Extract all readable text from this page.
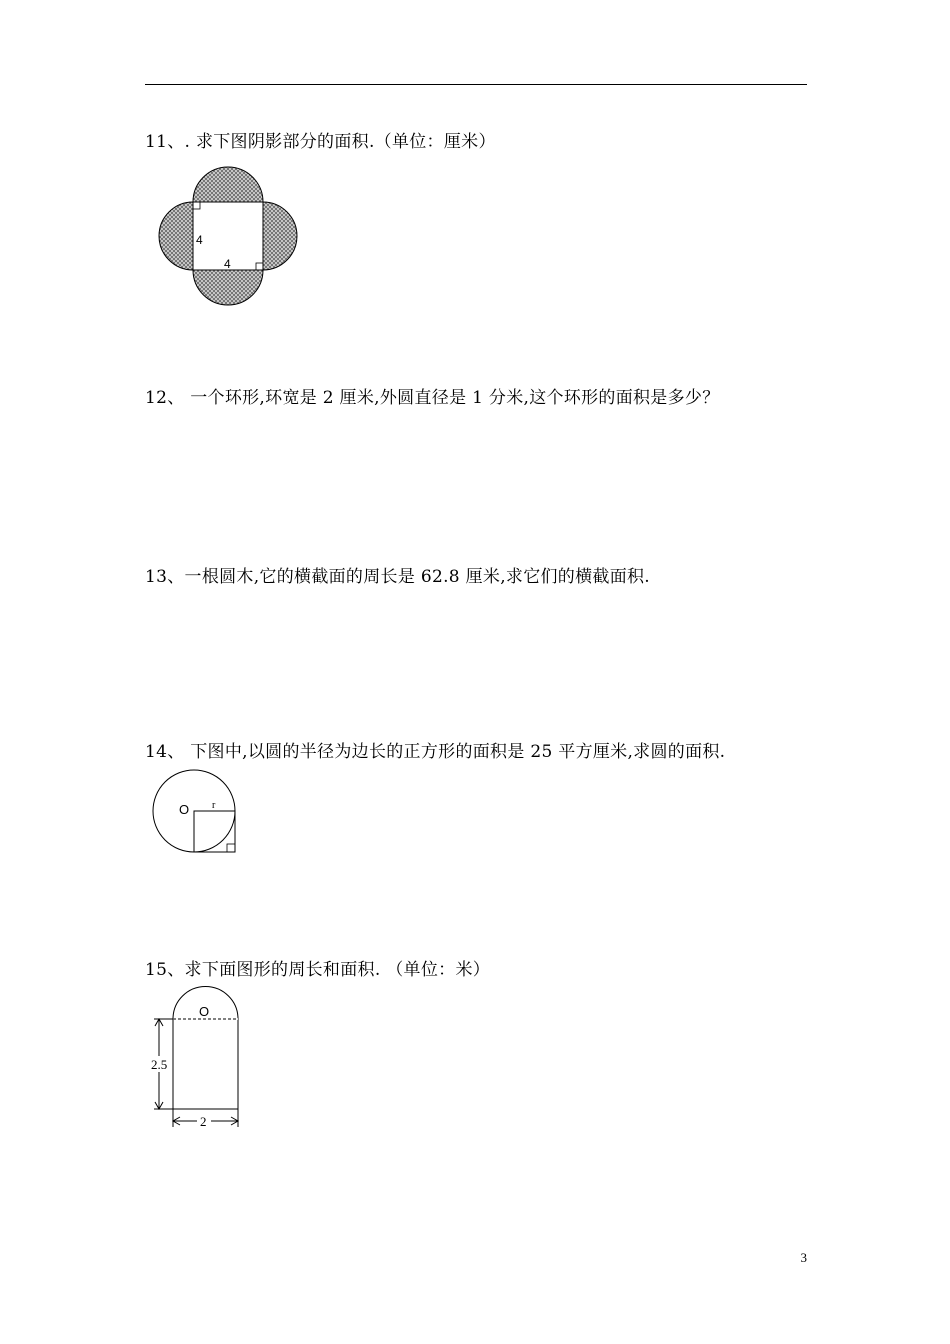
11、. 求下图阴影部分的面积.（单位：厘米）
4
4
12、 一个环形,环宽是 2 厘米,外圆直径是 1 分米,这个环形的面积是多少？
13、一根圆木,它的横截面的周长是 62.8 厘米,求它们的横截面积.
14、 下图中,以圆的半径为边长的正方形的面积是 25 平方厘米,求圆的面积.
O r
15、求下面图形的周长和面积. （单位：米）
O
2.5
2
3
